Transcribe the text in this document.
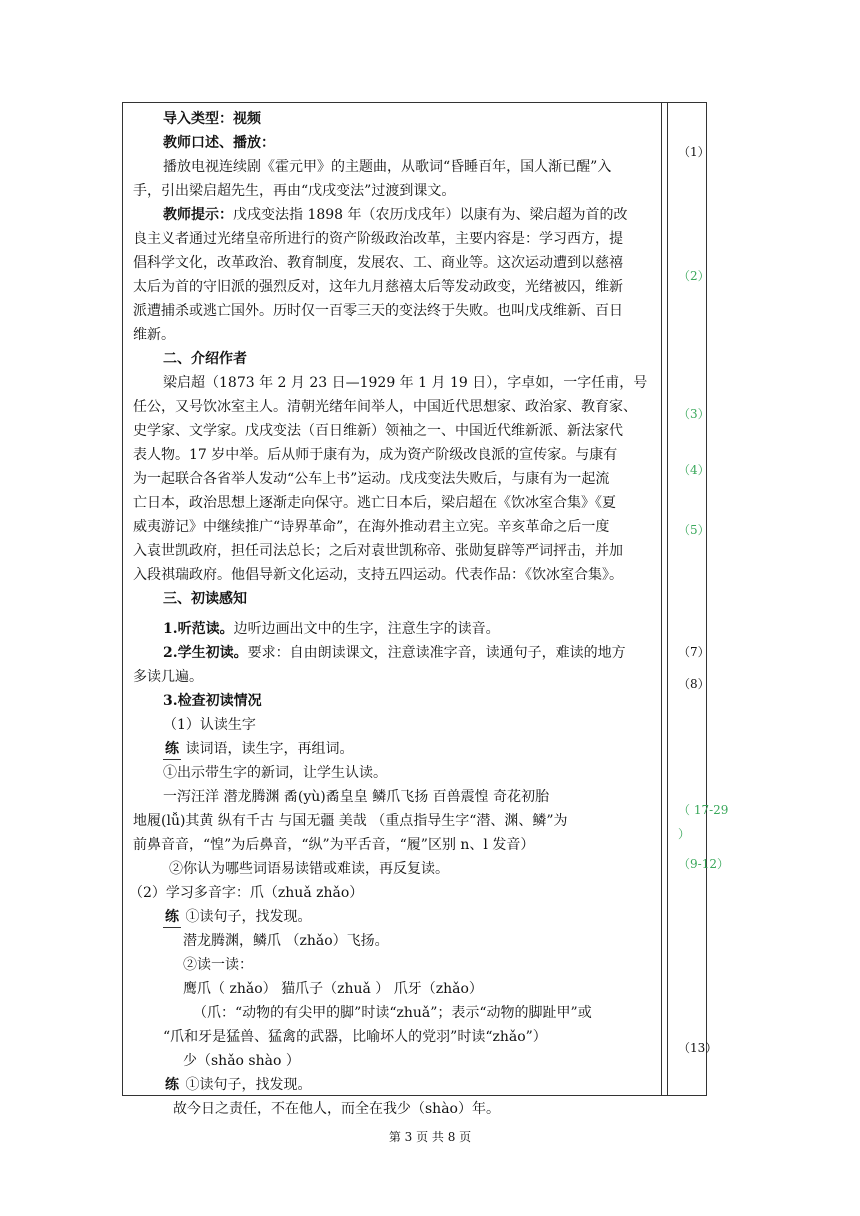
导入类型：视频
教师口述、播放：
播放电视连续剧《霍元甲》的主题曲，从歌词“昏睡百年，国人渐已醒”入
手，引出梁启超先生，再由“戊戌变法”过渡到课文。
教师提示：戊戌变法指 1898 年（农历戊戌年）以康有为、梁启超为首的改
良主义者通过光绪皇帝所进行的资产阶级政治改革，主要内容是：学习西方，提
倡科学文化，改革政治、教育制度，发展农、工、商业等。这次运动遭到以慈禧
太后为首的守旧派的强烈反对，这年九月慈禧太后等发动政变，光绪被囚，维新
派遭捕杀或逃亡国外。历时仅一百零三天的变法终于失败。也叫戊戌维新、百日
维新。
二、介绍作者
梁启超（1873 年 2 月 23 日—1929 年 1 月 19 日），字卓如，一字任甫，号
任公，又号饮冰室主人。清朝光绪年间举人，中国近代思想家、政治家、教育家、
史学家、文学家。戊戌变法（百日维新）领袖之一、中国近代维新派、新法家代
表人物。17 岁中举。后从师于康有为，成为资产阶级改良派的宣传家。与康有
为一起联合各省举人发动“公车上书”运动。戊戌变法失败后，与康有为一起流
亡日本，政治思想上逐渐走向保守。逃亡日本后，梁启超在《饮冰室合集》《夏
威夷游记》中继续推广“诗界革命”，在海外推动君主立宪。辛亥革命之后一度
入袁世凯政府，担任司法总长；之后对袁世凯称帝、张勋复辟等严词抨击，并加
入段祺瑞政府。他倡导新文化运动，支持五四运动。代表作品：《饮冰室合集》。
三、初读感知
1.听范读。边听边画出文中的生字，注意生字的读音。
2.学生初读。要求：自由朗读课文，注意读准字音，读通句子，难读的地方
多读几遍。
3.检查初读情况
（1）认读生字
练 读词语，读生字，再组词。
①出示带生字的新词，让学生认读。
一泻汪洋 潜龙腾渊 矞(yù)矞皇皇 鳞爪飞扬 百兽震惶 奇花初胎
地履(lǚ)其黄 纵有千古 与国无疆 美哉 （重点指导生字“潜、渊、鳞”为
前鼻音音，“惶”为后鼻音，“纵”为平舌音，“履”区别 n、l 发音）
②你认为哪些词语易读错或难读，再反复读。
（2）学习多音字：爪（zhuǎ zhǎo）
练 ①读句子，找发现。
潜龙腾渊，鳞爪 （zhǎo）飞扬。
②读一读：
鹰爪（ zhǎo） 猫爪子（zhuǎ ） 爪牙（zhǎo）
（爪：“动物的有尖甲的脚”时读“zhuǎ”；表示“动物的脚趾甲”或
“爪和牙是猛兽、猛禽的武器，比喻坏人的党羽”时读“zhǎo”）
少（shǎo shào ）
练 ①读句子，找发现。
故今日之责任，不在他人，而全在我少（shào）年。
（1）
（2）
（3）
（4）
（5）
（7）
（8）
（ 17-29
）
（9-12）
（13）
第 3 页 共 8 页
